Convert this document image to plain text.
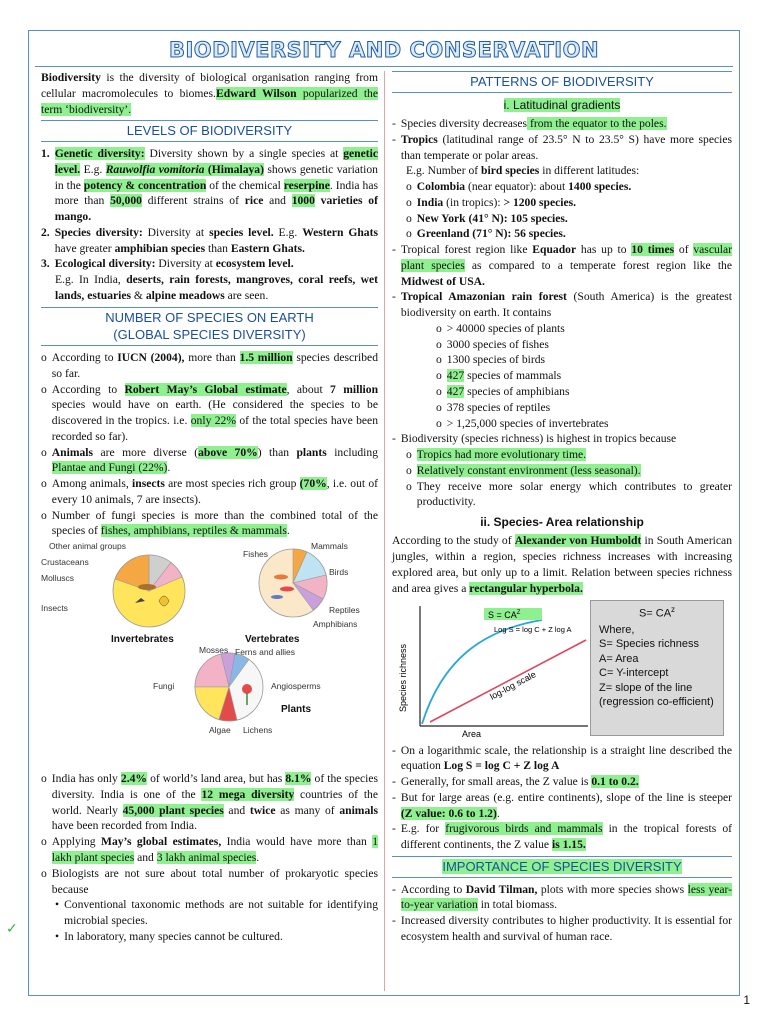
BIODIVERSITY AND CONSERVATION

Biodiversity is the diversity of biological organisation ranging from cellular macromolecules to biomes.Edward Wilson popularized the term ‘biodiversity’.

LEVELS OF BIODIVERSITY
1. Genetic diversity: Diversity shown by a single species at genetic level. E.g. Rauwolfia vomitoria (Himalaya) shows genetic variation in the potency & concentration of the chemical reserpine. India has more than 50,000 different strains of rice and 1000 varieties of mango.
2. Species diversity: Diversity at species level. E.g. Western Ghats have greater amphibian species than Eastern Ghats.
3. Ecological diversity: Diversity at ecosystem level.

E.g. In India, deserts, rain forests, mangroves, coral reefs, wet lands, estuaries & alpine meadows are seen.

NUMBER OF SPECIES ON EARTH
(GLOBAL SPECIES DIVERSITY)
o According to IUCN (2004), more than 1.5 million species described so far.
o According to Robert May’s Global estimate, about 7 million species would have on earth. (He considered the species to be discovered in the tropics. i.e. only 22% of the total species have been recorded so far).
o Animals are more diverse (above 70%) than plants including Plantae and Fungi (22%).
o Among animals, insects are most species rich group (70%, i.e. out of every 10 animals, 7 are insects).
o Number of fungi species is more than the combined total of the species of fishes, amphibians, reptiles & mammals.
Other animal groups
Crustaceans
Molluscs
Insects
Invertebrates
Fishes
Mammals
Birds
Reptiles
Amphibians
Vertebrates
Mosses Ferns and allies
Fungi	Angiosperms
Algae Lichens
Plants
o India has only 2.4% of world’s land area, but has 8.1% of the species diversity. India is one of the 12 mega diversity countries of the world. Nearly 45,000 plant species and twice as many of animals have been recorded from India.
o Applying May’s global estimates, India would have more than 1 lakh plant species and 3 lakh animal species.
o Biologists are not sure about total number of prokaryotic species because
• Conventional taxonomic methods are not suitable for identifying microbial species.
• In laboratory, many species cannot be cultured.
PATTERNS OF BIODIVERSITY
i. Latitudinal gradients
- Species diversity decreases from the equator to the poles.
- Tropics (latitudinal range of 23.5° N to 23.5° S) have more species than temperate or polar areas.

E.g. Number of bird species in different latitudes:

o Colombia (near equator): about 1400 species.
o India (in tropics): > 1200 species.
o New York (41° N): 105 species.
o Greenland (71° N): 56 species.
- Tropical forest region like Equador has up to 10 times of vascular plant species as compared to a temperate forest region like the Midwest of USA.
- Tropical Amazonian rain forest (South America) is the greatest biodiversity on earth. It contains
o > 40000 species of plants
o 3000 species of fishes
o 1300 species of birds
o 427 species of mammals
o 427 species of amphibians
o 378 species of reptiles
o > 1,25,000 species of invertebrates
- Biodiversity (species richness) is highest in tropics because
o Tropics had more evolutionary time.
o Relatively constant environment (less seasonal).
o They receive more solar energy which contributes to greater productivity.
ii. Species- Area relationship

According to the study of Alexander von Humboldt in South American jungles, within a region, species richness increases with increasing explored area, but only up to a limit. Relation between species richness and area gives a rectangular hyperbola.

$S = CA^Z$
Log S = log C + Z log A
log-log scale
Species richness
Area
$S= CA^z$
Where,
S= Species richness
A= Area
C= Y-intercept
Z= slope of the line (regression co-efficient)
- On a logarithmic scale, the relationship is a straight line described the equation Log S = log C + Z log A
- Generally, for small areas, the Z value is 0.1 to 0.2.
- But for large areas (e.g. entire continents), slope of the line is steeper (Z value: 0.6 to 1.2).
- E.g. for frugivorous birds and mammals in the tropical forests of different continents, the Z value is 1.15.
IMPORTANCE OF SPECIES DIVERSITY
- According to David Tilman, plots with more species shows less year-to-year variation in total biomass.
- Increased diversity contributes to higher productivity. It is essential for ecosystem health and survival of human race.
✓
1
